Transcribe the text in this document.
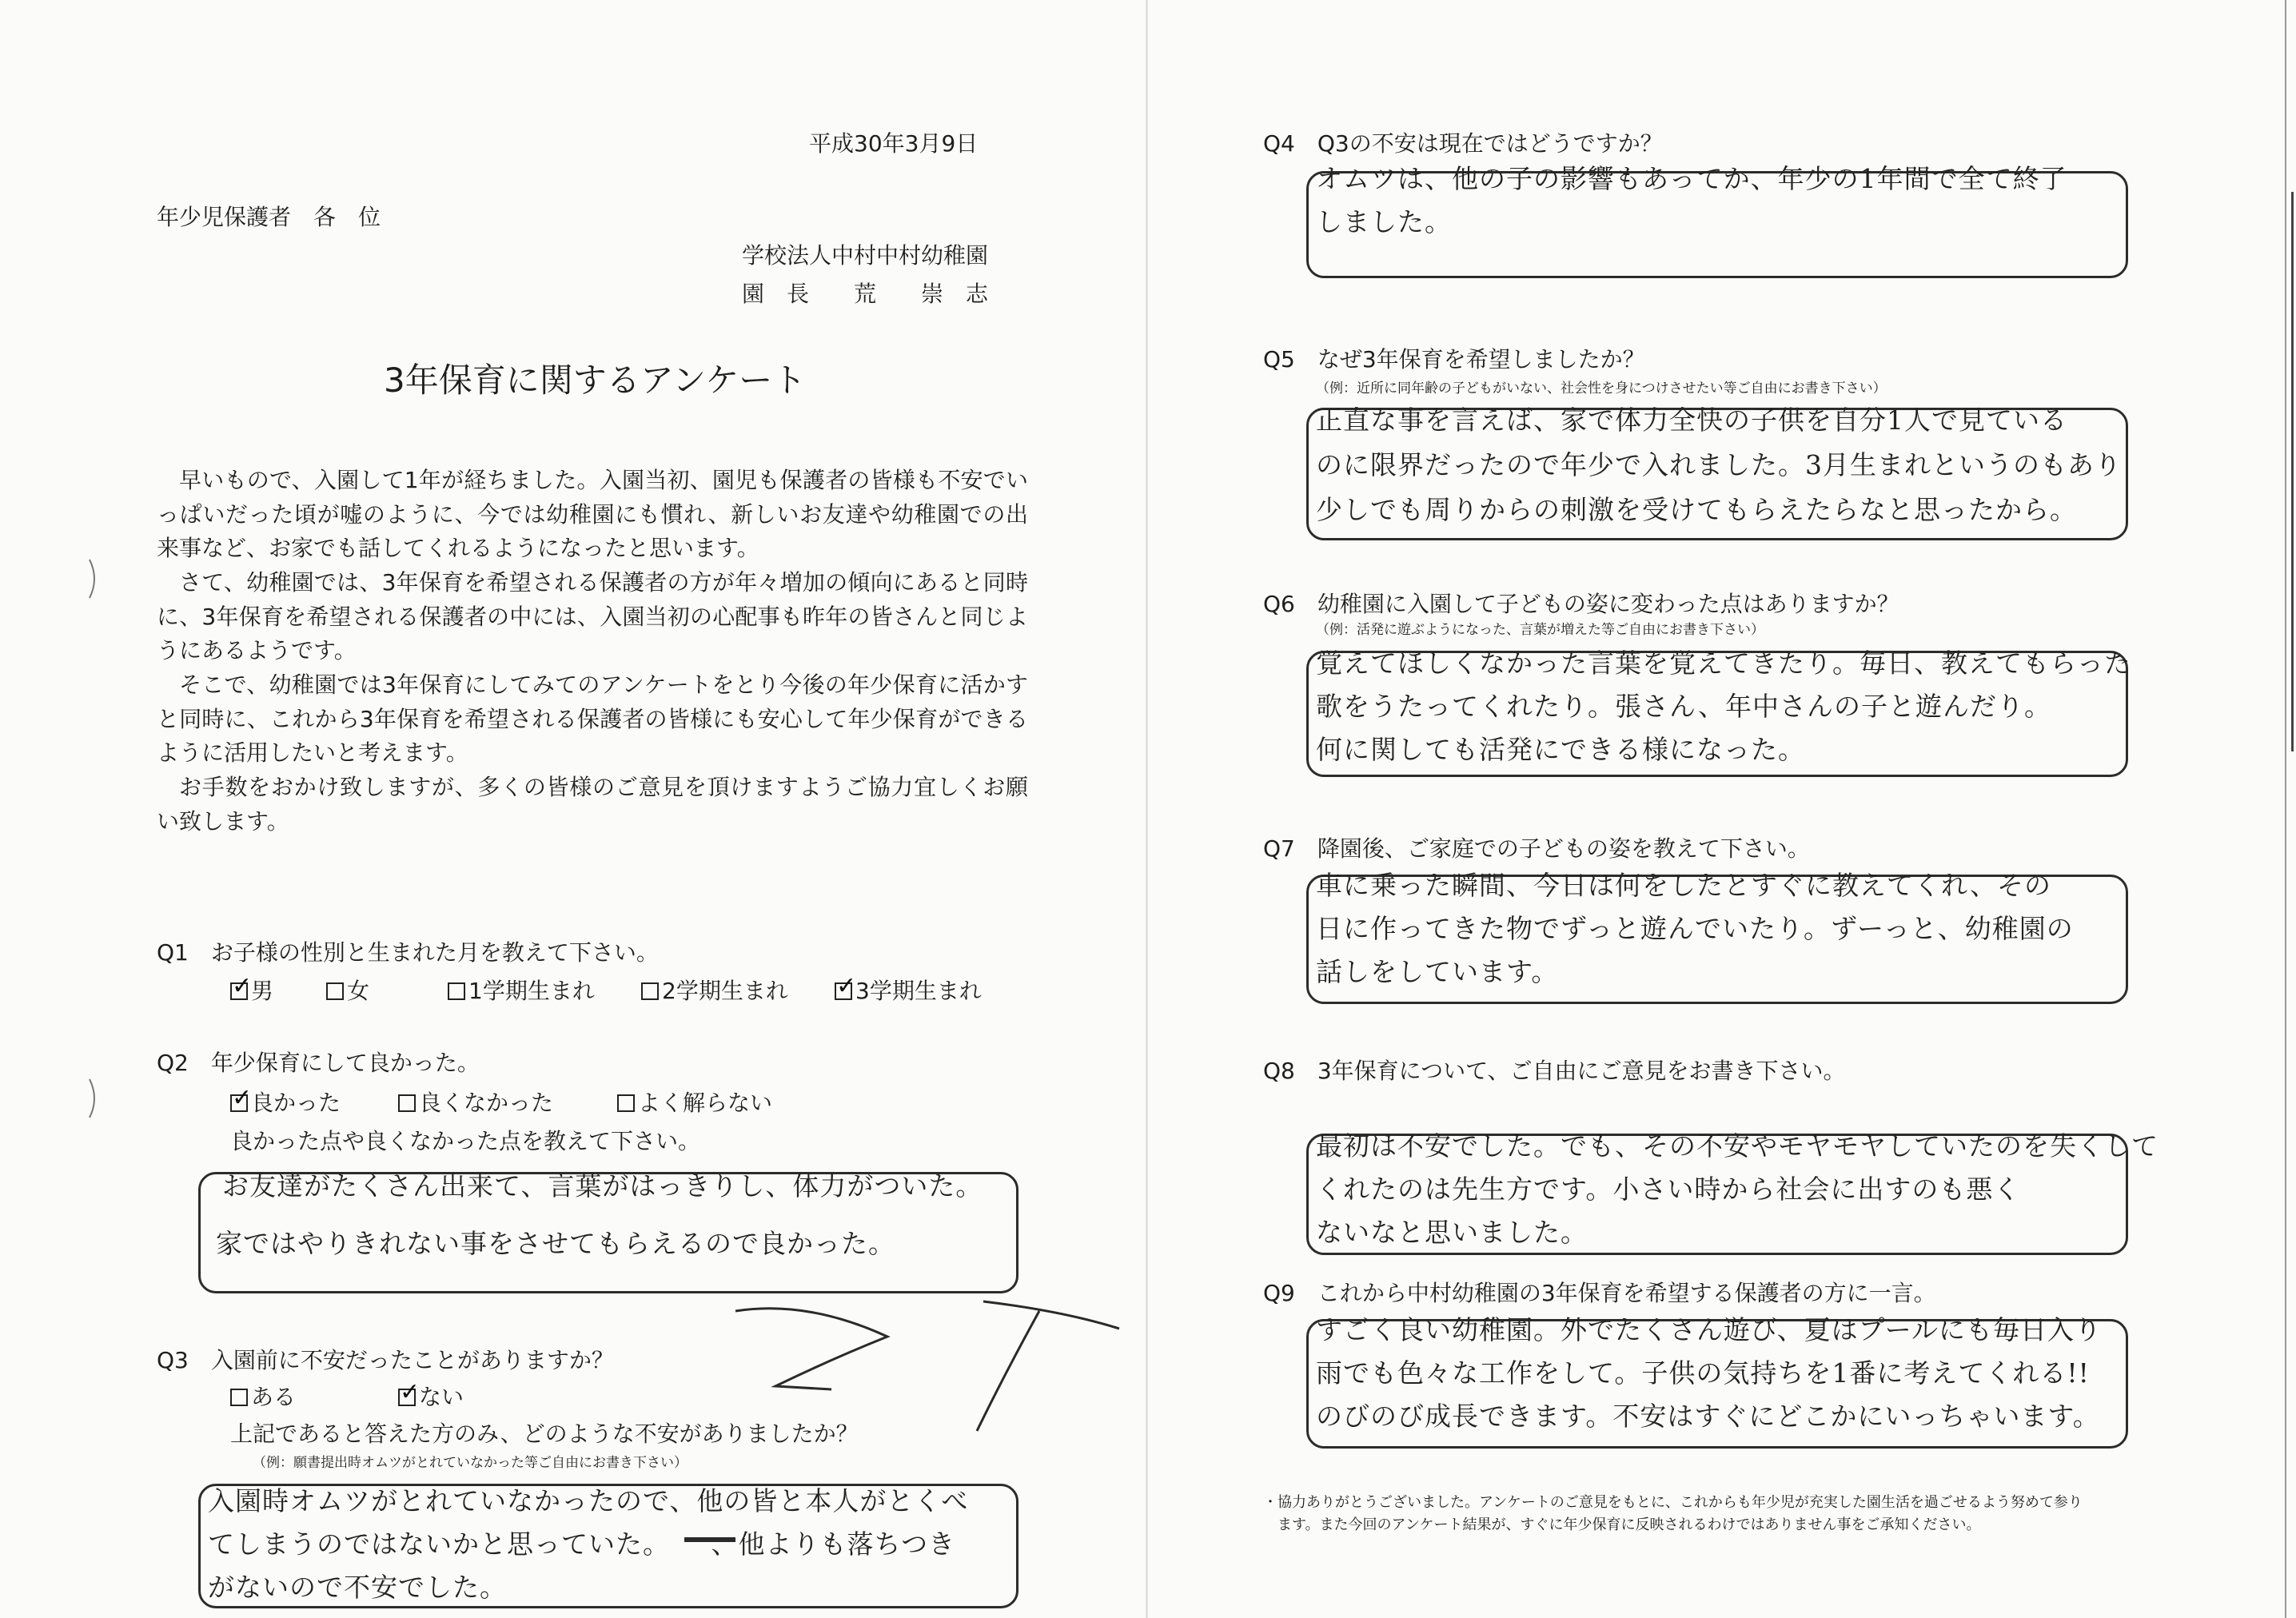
平成30年3月9日
年少児保護者　各　位
学校法人中村中村幼稚園
園　長　　荒　　崇　志
3年保育に関するアンケート
早いもので、入園して1年が経ちました。入園当初、園児も保護者の皆様も不安でいっぱいだった頃が嘘のように、今では幼稚園にも慣れ、新しいお友達や幼稚園での出来事など、お家でも話してくれるようになったと思います。
さて、幼稚園では、3年保育を希望される保護者の方が年々増加の傾向にあると同時に、3年保育を希望される保護者の中には、入園当初の心配事も昨年の皆さんと同じようにあるようです。
そこで、幼稚園では3年保育にしてみてのアンケートをとり今後の年少保育に活かすと同時に、これから3年保育を希望される保護者の皆様にも安心して年少保育ができるように活用したいと考えます。
お手数をおかけ致しますが、多くの皆様のご意見を頂けますようご協力宜しくお願い致します。
Q1 お子様の性別と生まれた月を教えて下さい。
✓男	女	1学期生まれ	2学期生まれ ✓	3学期生まれ
Q2 年少保育にして良かった。
✓良かった	良くなかった	よく解らない
良かった点や良くなかった点を教えて下さい。
お友達がたくさん出来て、言葉がはっきりし、体力がついた。
家ではやりきれない事をさせてもらえるので良かった。
Q3 入園前に不安だったことがありますか？
ある ✓	ない
上記であると答えた方のみ、どのような不安がありましたか？
（例：願書提出時オムツがとれていなかった等ご自由にお書き下さい）
入園時オムツがとれていなかったので、他の皆と本人がとくべ
てしまうのではないかと思っていた。　　、他よりも落ちつき
がないので不安でした。
Q4 Q3の不安は現在ではどうですか？
オムツは、他の子の影響もあってか、年少の1年間で全て終了
しました。
Q5 なぜ3年保育を希望しましたか？
（例：近所に同年齢の子どもがいない、社会性を身につけさせたい等ご自由にお書き下さい）
正直な事を言えば、家で体力全快の子供を自分1人で見ている
のに限界だったので年少で入れました。3月生まれというのもあり
少しでも周りからの刺激を受けてもらえたらなと思ったから。
Q6 幼稚園に入園して子どもの姿に変わった点はありますか？
（例：活発に遊ぶようになった、言葉が増えた等ご自由にお書き下さい）
覚えてほしくなかった言葉を覚えてきたり。毎日、教えてもらった
歌をうたってくれたり。張さん、年中さんの子と遊んだり。
何に関しても活発にできる様になった。
Q7 降園後、ご家庭での子どもの姿を教えて下さい。
車に乗った瞬間、今日は何をしたとすぐに教えてくれ、その
日に作ってきた物でずっと遊んでいたり。ずーっと、幼稚園の
話しをしています。
Q8 3年保育について、ご自由にご意見をお書き下さい。
最初は不安でした。でも、その不安やモヤモヤしていたのを失くして
くれたのは先生方です。小さい時から社会に出すのも悪く
ないなと思いました。
Q9 これから中村幼稚園の3年保育を希望する保護者の方に一言。
すごく良い幼稚園。外でたくさん遊び、夏はプールにも毎日入り
雨でも色々な工作をして。子供の気持ちを1番に考えてくれる!!
のびのび成長できます。不安はすぐにどこかにいっちゃいます。
・協力ありがとうございました。アンケートのご意見をもとに、これからも年少児が充実した園生活を過ごせるよう努めて参り
　ます。また今回のアンケート結果が、すぐに年少保育に反映されるわけではありません事をご承知ください。
